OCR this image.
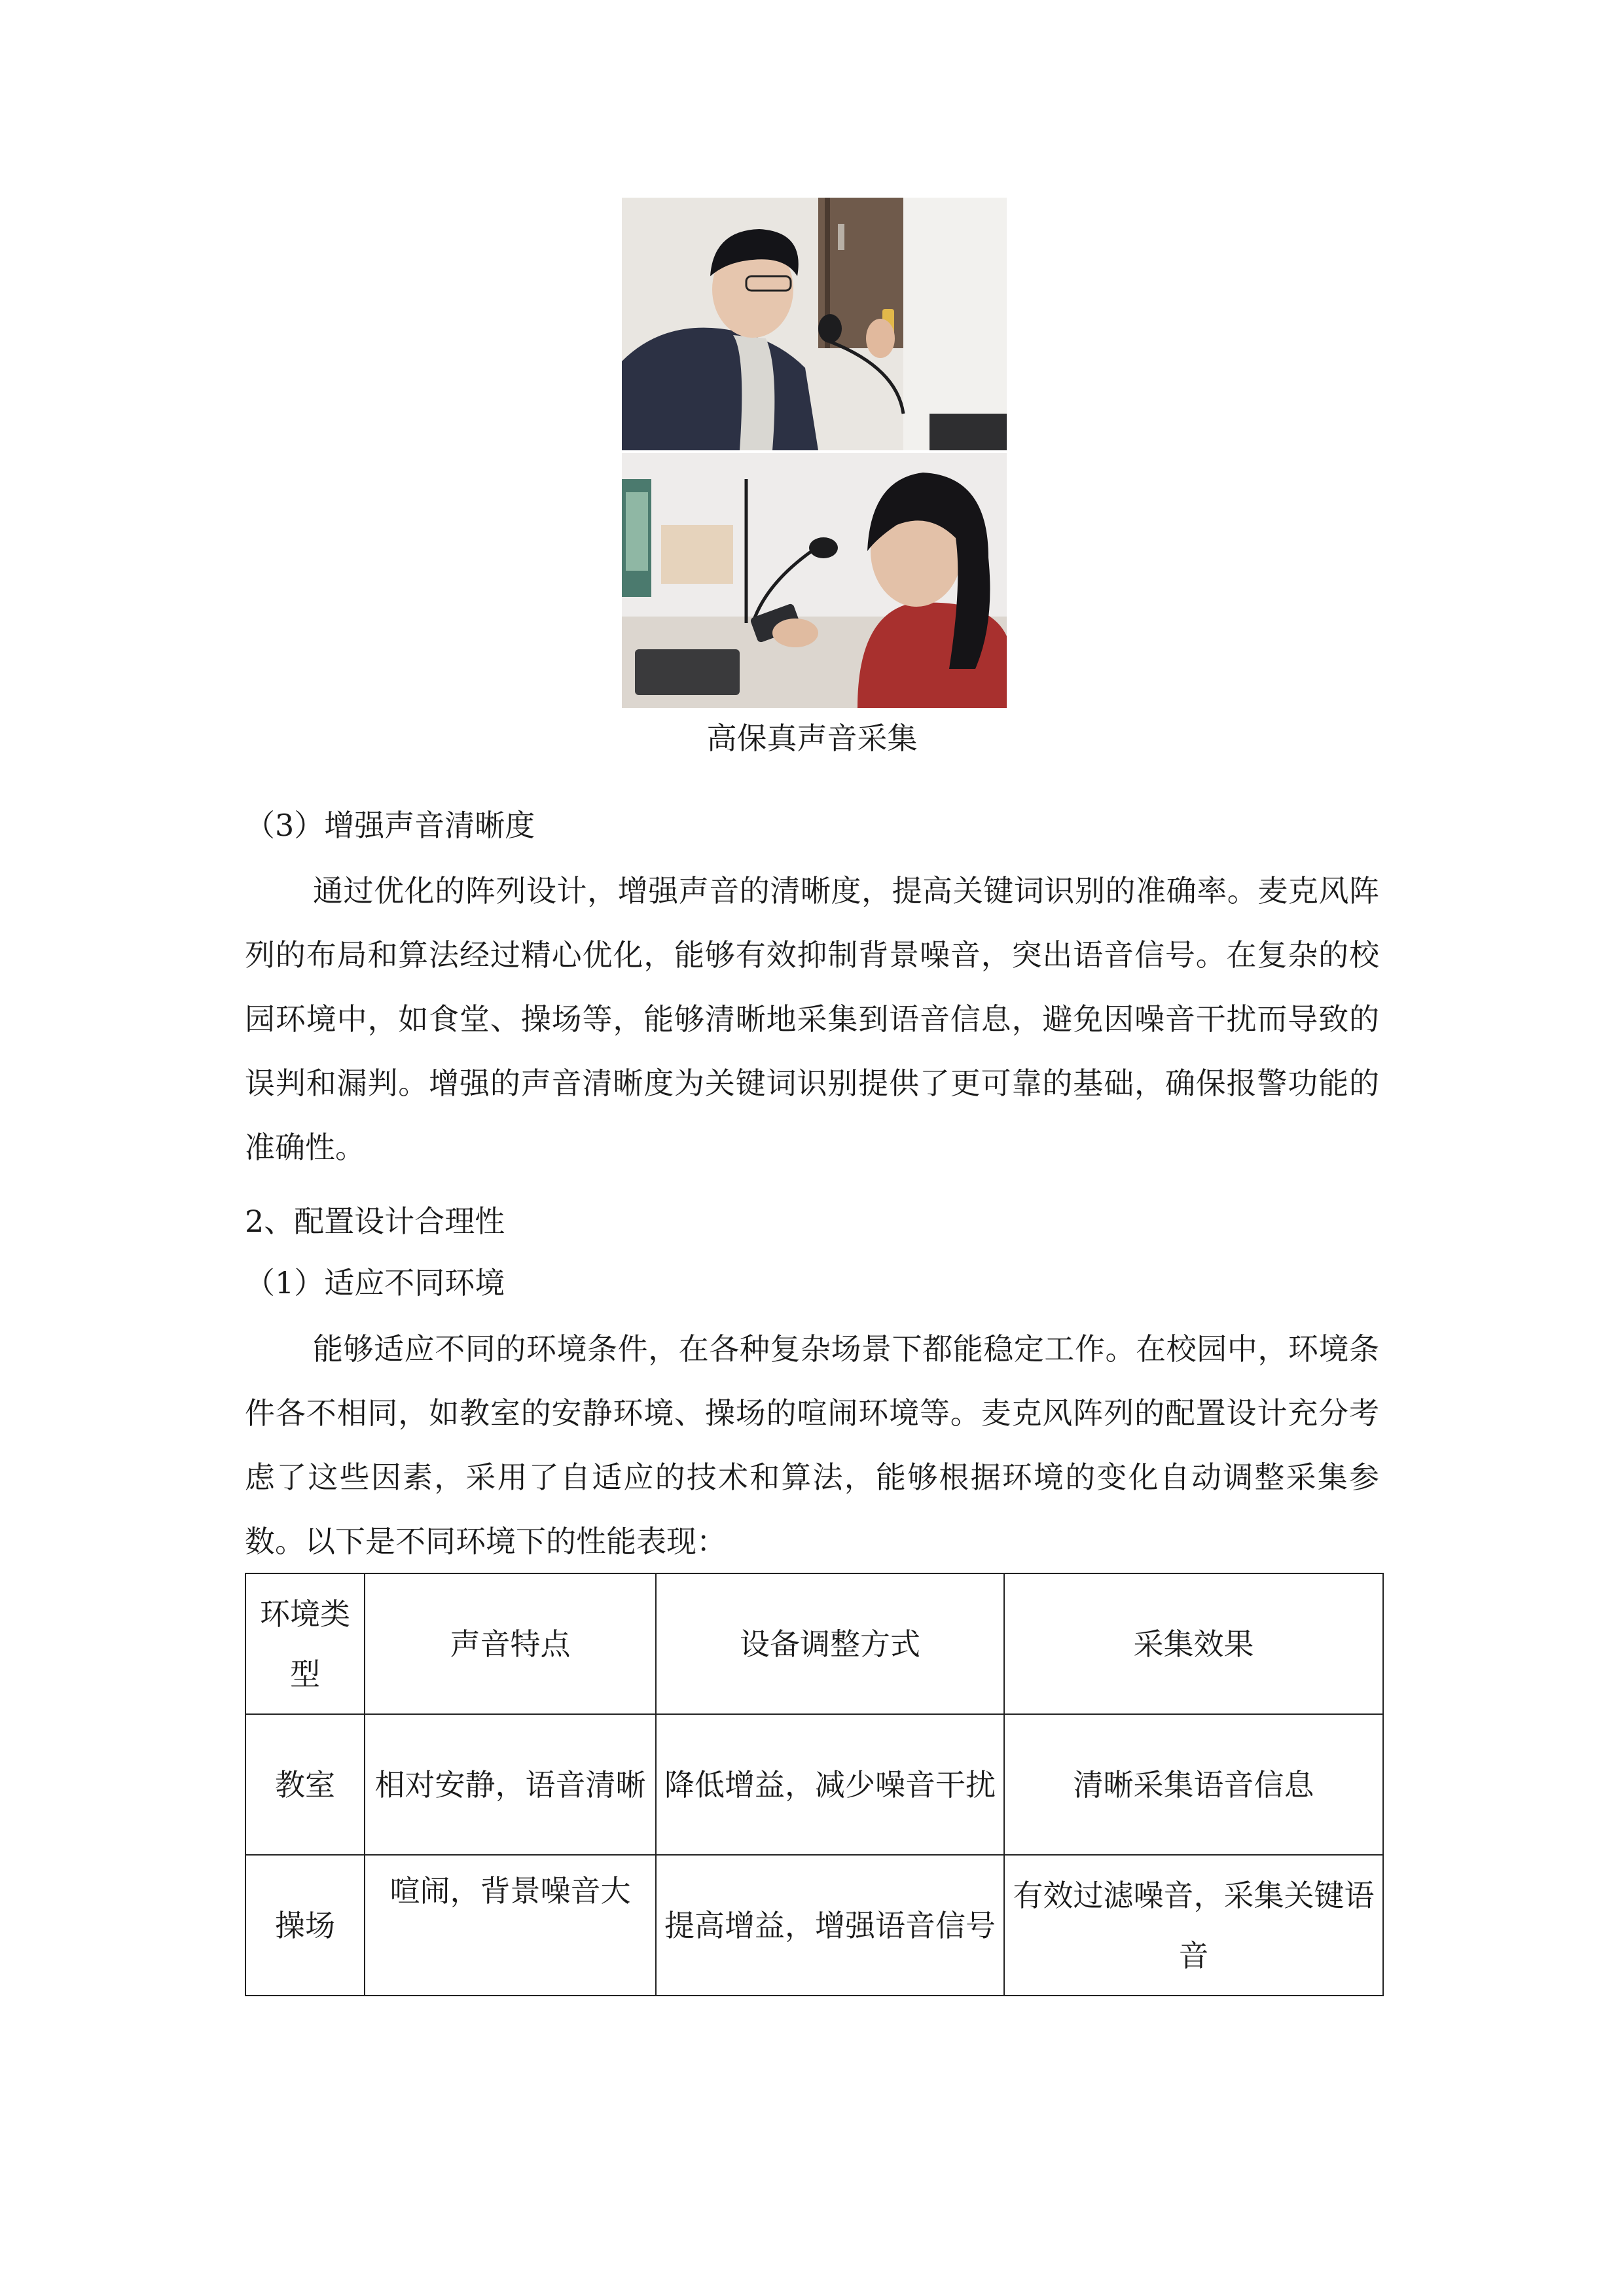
高保真声音采集
（3）增强声音清晰度

通过优化的阵列设计，增强声音的清晰度，提高关键词识别的准确率。麦克风阵列的布局和算法经过精心优化，能够有效抑制背景噪音，突出语音信号。在复杂的校园环境中，如食堂、操场等，能够清晰地采集到语音信息，避免因噪音干扰而导致的误判和漏判。增强的声音清晰度为关键词识别提供了更可靠的基础，确保报警功能的准确性。

2、配置设计合理性
（1）适应不同环境

能够适应不同的环境条件，在各种复杂场景下都能稳定工作。在校园中，环境条件各不相同，如教室的安静环境、操场的喧闹环境等。麦克风阵列的配置设计充分考虑了这些因素，采用了自适应的技术和算法，能够根据环境的变化自动调整采集参数。以下是不同环境下的性能表现：

环境类型	声音特点	设备调整方式	采集效果
教室	相对安静，语音清晰	降低增益，减少噪音干扰	清晰采集语音信息
操场	喧闹，背景噪音大	提高增益，增强语音信号	有效过滤噪音，采集关键语音
